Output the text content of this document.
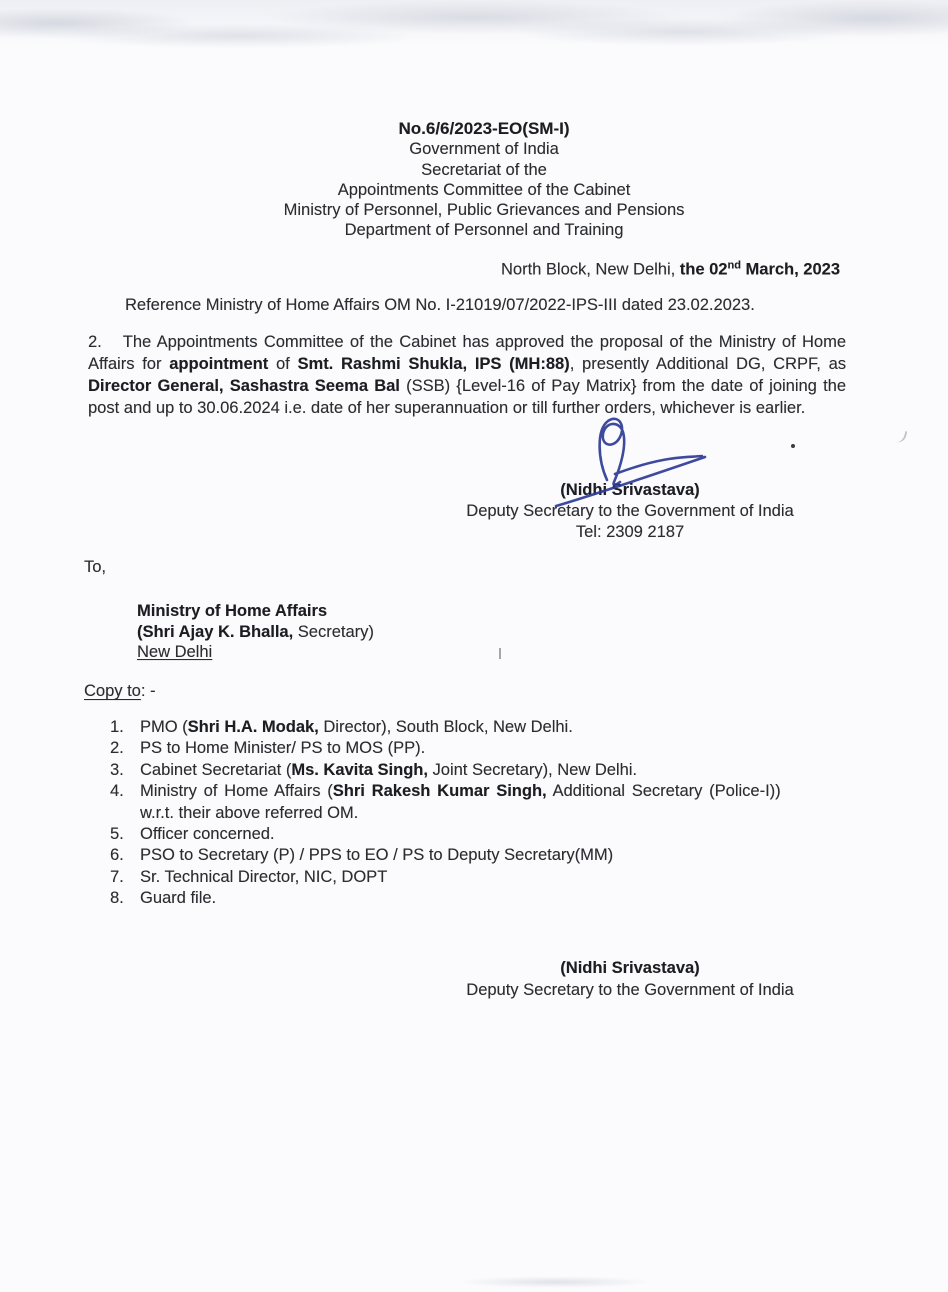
No.6/6/2023-EO(SM-I)
Government of India
Secretariat of the
Appointments Committee of the Cabinet
Ministry of Personnel, Public Grievances and Pensions
Department of Personnel and Training
North Block, New Delhi, the 02nd March, 2023
Reference Ministry of Home Affairs OM No. I-21019/07/2022-IPS-III dated 23.02.2023.
2. The Appointments Committee of the Cabinet has approved the proposal of the Ministry of Home Affairs for appointment of Smt. Rashmi Shukla, IPS (MH:88), presently Additional DG, CRPF, as Director General, Sashastra Seema Bal (SSB) {Level-16 of Pay Matrix} from the date of joining the post and up to 30.06.2024 i.e. date of her superannuation or till further orders, whichever is earlier.
(Nidhi Srivastava)
Deputy Secretary to the Government of India
Tel: 2309 2187
To,
Ministry of Home Affairs
(Shri Ajay K. Bhalla, Secretary)
New Delhi
Copy to: -
1. PMO (Shri H.A. Modak, Director), South Block, New Delhi.
2. PS to Home Minister/ PS to MOS (PP).
3. Cabinet Secretariat (Ms. Kavita Singh, Joint Secretary), New Delhi.
4. Ministry of Home Affairs (Shri Rakesh Kumar Singh, Additional Secretary (Police-I))
w.r.t. their above referred OM.
5. Officer concerned.
6. PSO to Secretary (P) / PPS to EO / PS to Deputy Secretary(MM)
7. Sr. Technical Director, NIC, DOPT
8. Guard file.
(Nidhi Srivastava)
Deputy Secretary to the Government of India
